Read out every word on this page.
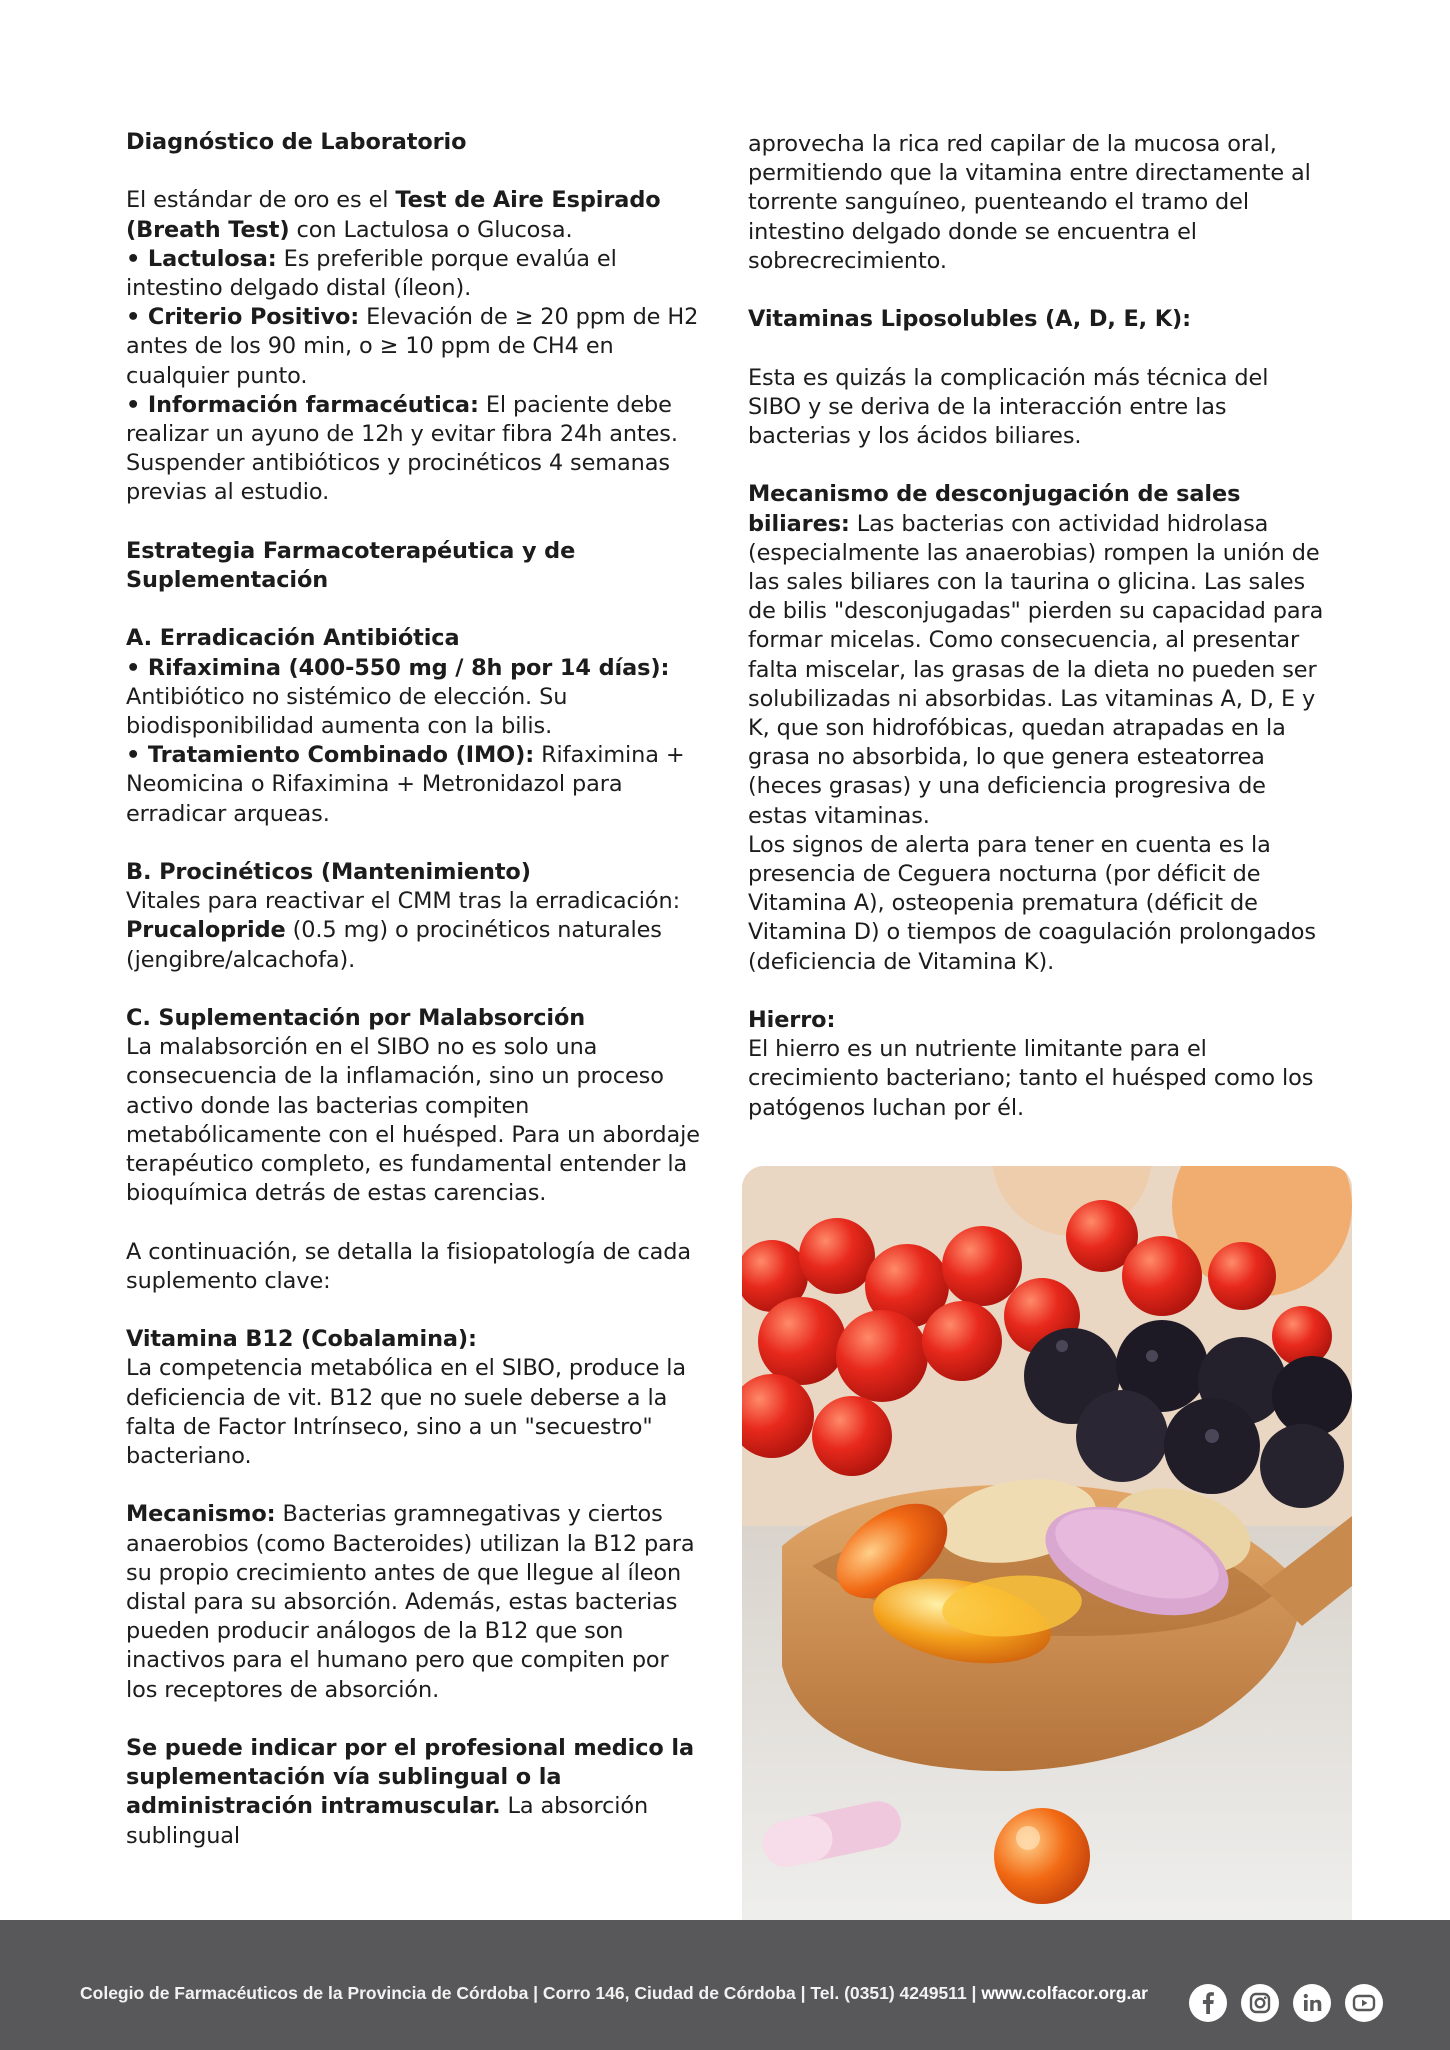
Diagnóstico de Laboratorio

El estándar de oro es el Test de Aire Espirado (Breath Test) con Lactulosa o Glucosa.

• Lactulosa: Es preferible porque evalúa el intestino delgado distal (íleon).

• Criterio Positivo: Elevación de ≥ 20 ppm de H2 antes de los 90 min, o ≥ 10 ppm de CH4 en cualquier punto.

• Información farmacéutica: El paciente debe realizar un ayuno de 12h y evitar fibra 24h antes. Suspender antibióticos y procinéticos 4 semanas previas al estudio.

Estrategia Farmacoterapéutica y de Suplementación

A. Erradicación Antibiótica

• Rifaximina (400-550 mg / 8h por 14 días): Antibiótico no sistémico de elección. Su biodisponibilidad aumenta con la bilis.

• Tratamiento Combinado (IMO): Rifaximina + Neomicina o Rifaximina + Metronidazol para erradicar arqueas.

B. Procinéticos (Mantenimiento)

Vitales para reactivar el CMM tras la erradicación: Prucalopride (0.5 mg) o procinéticos naturales (jengibre/alcachofa).

C. Suplementación por Malabsorción

La malabsorción en el SIBO no es solo una consecuencia de la inflamación, sino un proceso activo donde las bacterias compiten metabólicamente con el huésped. Para un abordaje terapéutico completo, es fundamental entender la bioquímica detrás de estas carencias.

A continuación, se detalla la fisiopatología de cada suplemento clave:

Vitamina B12 (Cobalamina):

La competencia metabólica en el SIBO, produce la deficiencia de vit. B12 que no suele deberse a la falta de Factor Intrínseco, sino a un "secuestro" bacteriano.

Mecanismo: Bacterias gramnegativas y ciertos anaerobios (como Bacteroides) utilizan la B12 para su propio crecimiento antes de que llegue al íleon distal para su absorción. Además, estas bacterias pueden producir análogos de la B12 que son inactivos para el humano pero que compiten por los receptores de absorción.

Se puede indicar por el profesional medico la suplementación vía sublingual o la administración intramuscular. La absorción sublingual

aprovecha la rica red capilar de la mucosa oral, permitiendo que la vitamina entre directamente al torrente sanguíneo, puenteando el tramo del intestino delgado donde se encuentra el sobrecrecimiento.

Vitaminas Liposolubles (A, D, E, K):

Esta es quizás la complicación más técnica del SIBO y se deriva de la interacción entre las bacterias y los ácidos biliares.

Mecanismo de desconjugación de sales biliares: Las bacterias con actividad hidrolasa (especialmente las anaerobias) rompen la unión de las sales biliares con la taurina o glicina. Las sales de bilis "desconjugadas" pierden su capacidad para formar micelas. Como consecuencia, al presentar falta miscelar, las grasas de la dieta no pueden ser solubilizadas ni absorbidas. Las vitaminas A, D, E y K, que son hidrofóbicas, quedan atrapadas en la grasa no absorbida, lo que genera esteatorrea (heces grasas) y una deficiencia progresiva de estas vitaminas.

Los signos de alerta para tener en cuenta es la presencia de Ceguera nocturna (por déficit de Vitamina A), osteopenia prematura (déficit de Vitamina D) o tiempos de coagulación prolongados (deficiencia de Vitamina K).

Hierro:

El hierro es un nutriente limitante para el crecimiento bacteriano; tanto el huésped como los patógenos luchan por él.

Colegio de Farmacéuticos de la Provincia de Córdoba | Corro 146, Ciudad de Córdoba | Tel. (0351) 4249511 | www.colfacor.org.ar
